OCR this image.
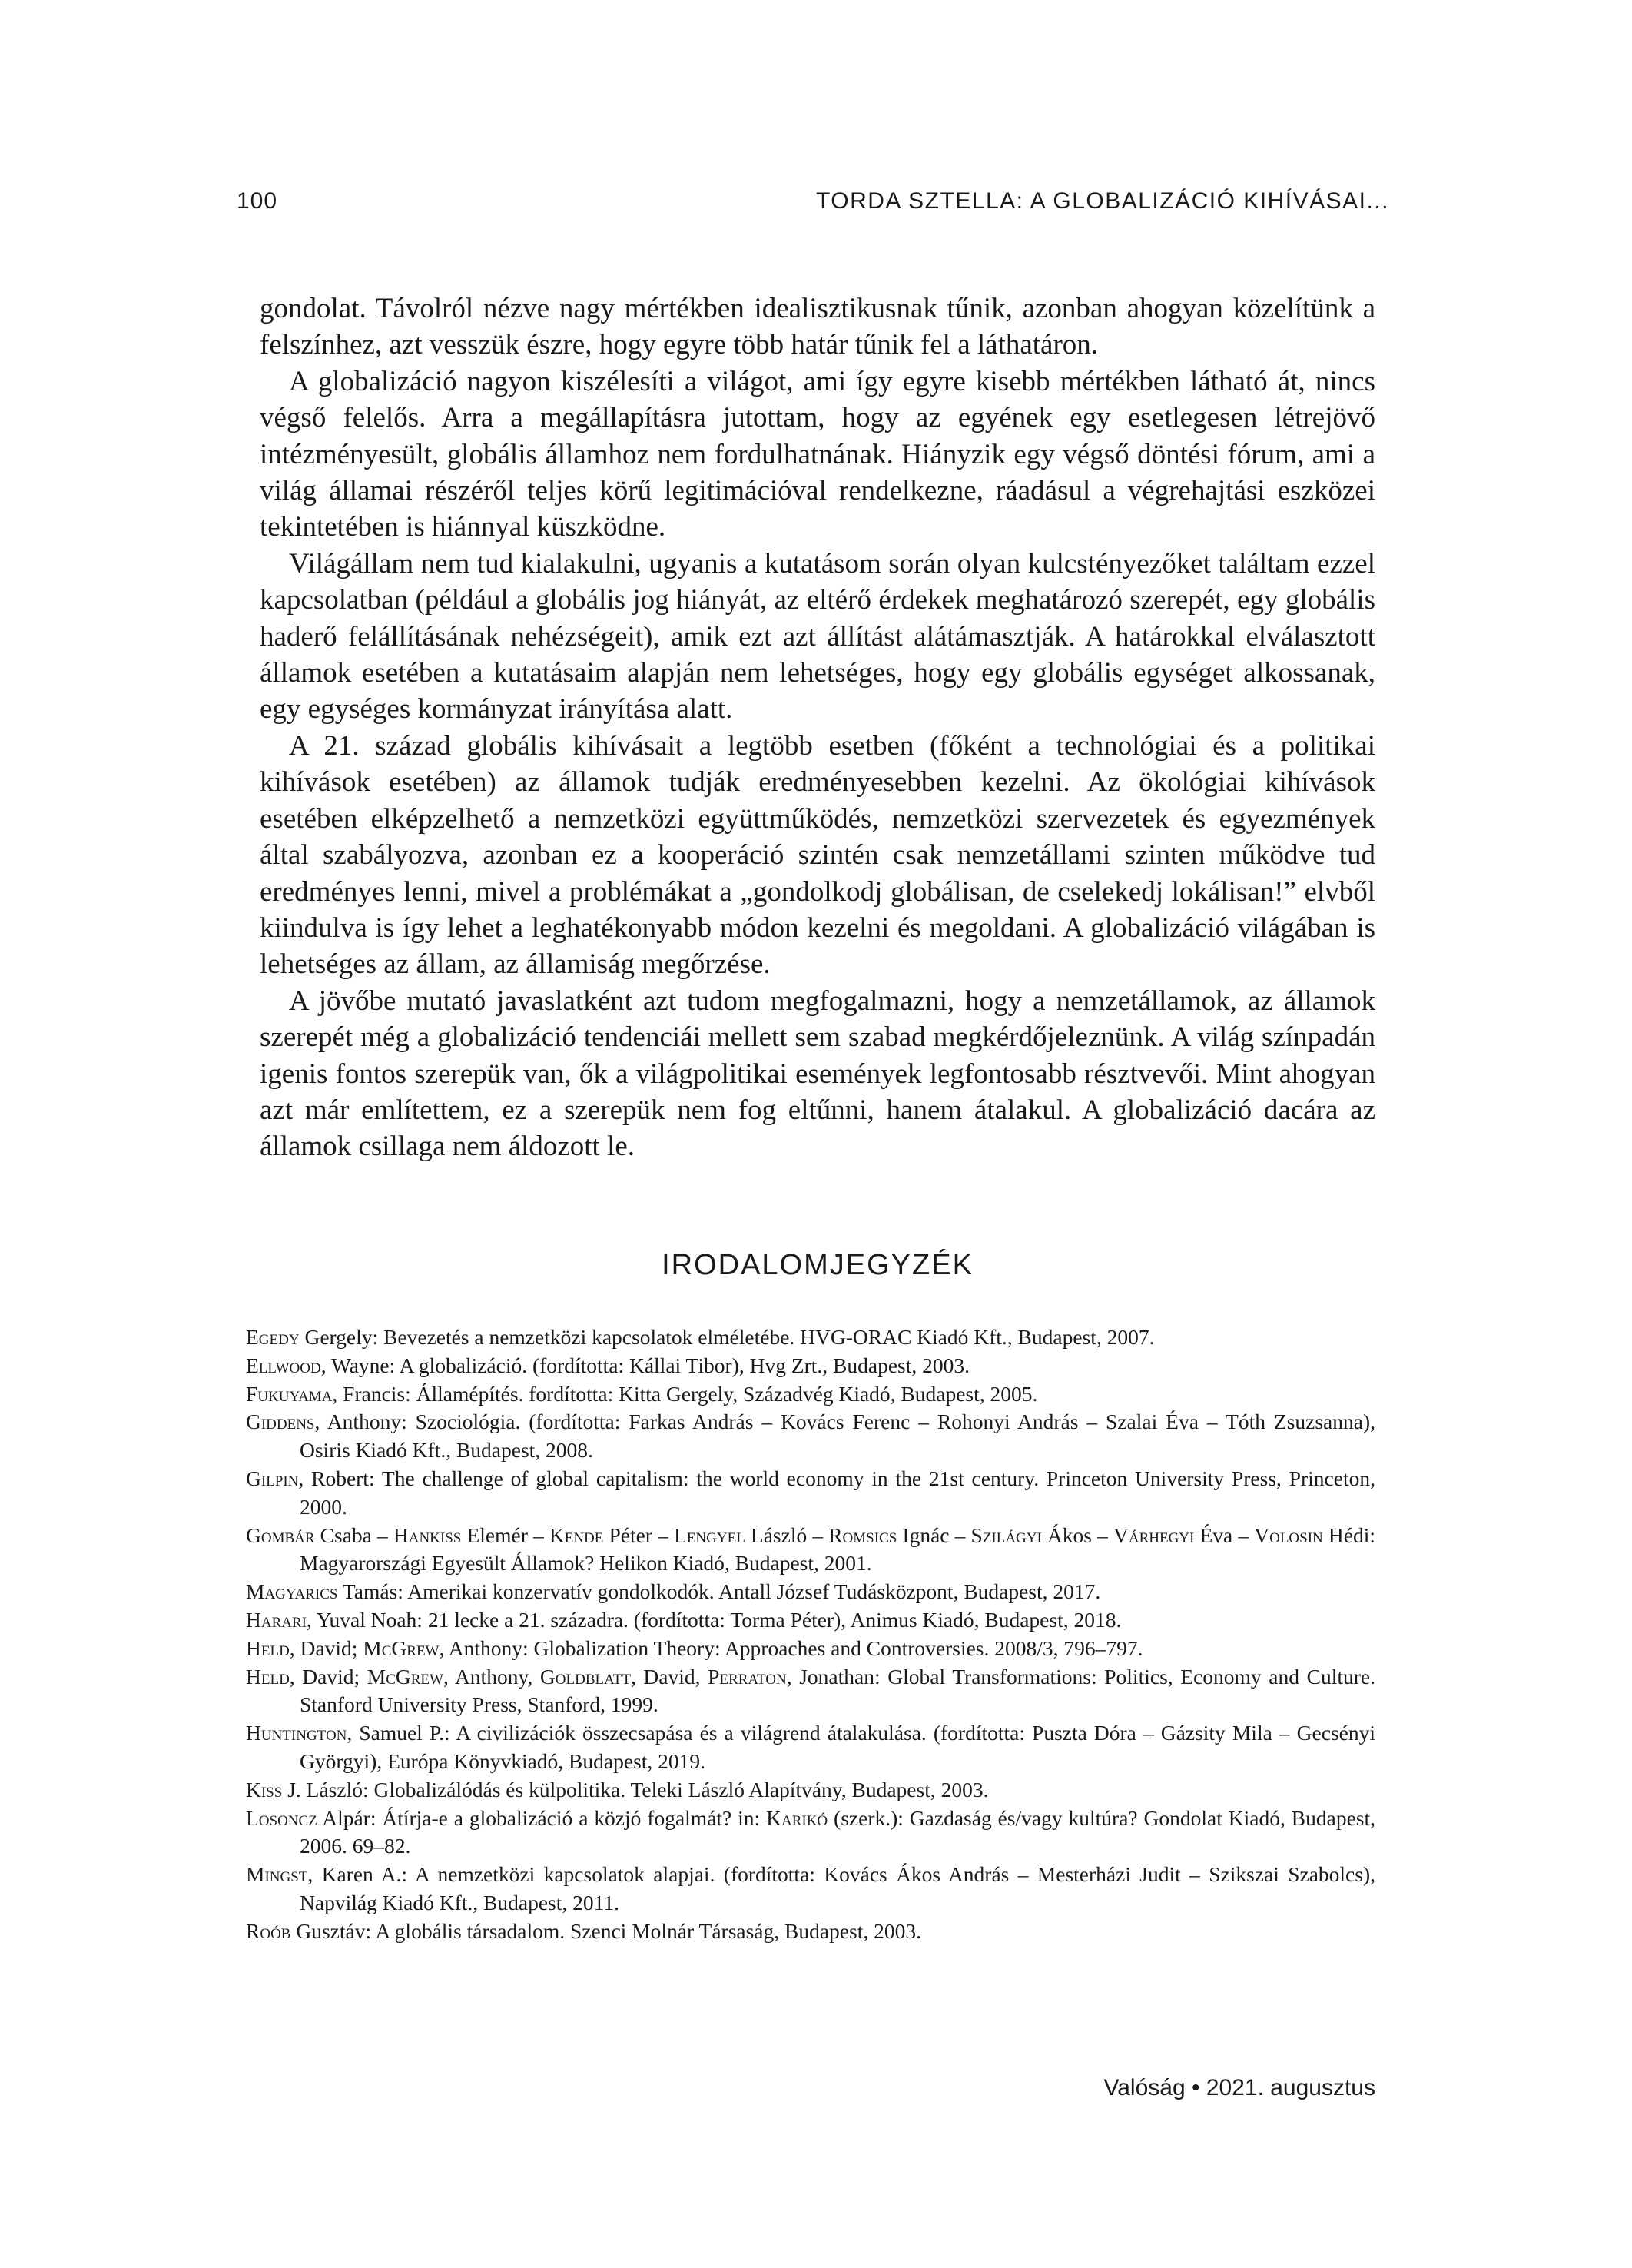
100	TORDA SZTELLA: A GLOBALIZÁCIÓ KIHÍVÁSAI...

gondolat. Távolról nézve nagy mértékben idealisztikusnak tűnik, azonban ahogyan közelítünk a felszínhez, azt vesszük észre, hogy egyre több határ tűnik fel a láthatáron.

A globalizáció nagyon kiszélesíti a világot, ami így egyre kisebb mértékben látható át, nincs végső felelős. Arra a megállapításra jutottam, hogy az egyének egy esetlegesen létrejövő intézményesült, globális államhoz nem fordulhatnának. Hiányzik egy végső döntési fórum, ami a világ államai részéről teljes körű legitimációval rendelkezne, ráadásul a végrehajtási eszközei tekintetében is hiánnyal küszködne.

Világállam nem tud kialakulni, ugyanis a kutatásom során olyan kulcstényezőket találtam ezzel kapcsolatban (például a globális jog hiányát, az eltérő érdekek meghatározó szerepét, egy globális haderő felállításának nehézségeit), amik ezt azt állítást alátámasztják. A határokkal elválasztott államok esetében a kutatásaim alapján nem lehetséges, hogy egy globális egységet alkossanak, egy egységes kormányzat irányítása alatt.

A 21. század globális kihívásait a legtöbb esetben (főként a technológiai és a politikai kihívások esetében) az államok tudják eredményesebben kezelni. Az ökológiai kihívások esetében elképzelhető a nemzetközi együttműködés, nemzetközi szervezetek és egyezmények által szabályozva, azonban ez a kooperáció szintén csak nemzetállami szinten működve tud eredményes lenni, mivel a problémákat a „gondolkodj globálisan, de cselekedj lokálisan!” elvből kiindulva is így lehet a leghatékonyabb módon kezelni és megoldani. A globalizáció világában is lehetséges az állam, az államiság megőrzése.

A jövőbe mutató javaslatként azt tudom megfogalmazni, hogy a nemzetállamok, az államok szerepét még a globalizáció tendenciái mellett sem szabad megkérdőjeleznünk. A világ színpadán igenis fontos szerepük van, ők a világpolitikai események legfontosabb résztvevői. Mint ahogyan azt már említettem, ez a szerepük nem fog eltűnni, hanem átalakul. A globalizáció dacára az államok csillaga nem áldozott le.

IRODALOMJEGYZÉK

Egedy Gergely: Bevezetés a nemzetközi kapcsolatok elméletébe. HVG-ORAC Kiadó Kft., Budapest, 2007.

Ellwood, Wayne: A globalizáció. (fordította: Kállai Tibor), Hvg Zrt., Budapest, 2003.

Fukuyama, Francis: Államépítés. fordította: Kitta Gergely, Századvég Kiadó, Budapest, 2005.

Giddens, Anthony: Szociológia. (fordította: Farkas András – Kovács Ferenc – Rohonyi András – Szalai Éva – Tóth Zsuzsanna), Osiris Kiadó Kft., Budapest, 2008.

Gilpin, Robert: The challenge of global capitalism: the world economy in the 21st century. Princeton University Press, Princeton, 2000.

Gombár Csaba – Hankiss Elemér – Kende Péter – Lengyel László – Romsics Ignác – Szilágyi Ákos – Várhegyi Éva – Volosin Hédi: Magyarországi Egyesült Államok? Helikon Kiadó, Budapest, 2001.

Magyarics Tamás: Amerikai konzervatív gondolkodók. Antall József Tudásközpont, Budapest, 2017.

Harari, Yuval Noah: 21 lecke a 21. századra. (fordította: Torma Péter), Animus Kiadó, Budapest, 2018.

Held, David; McGrew, Anthony: Globalization Theory: Approaches and Controversies. 2008/3, 796–797.

Held, David; McGrew, Anthony, Goldblatt, David, Perraton, Jonathan: Global Transformations: Politics, Economy and Culture. Stanford University Press, Stanford, 1999.

Huntington, Samuel P.: A civilizációk összecsapása és a világrend átalakulása. (fordította: Puszta Dóra – Gázsity Mila – Gecsényi Györgyi), Európa Könyvkiadó, Budapest, 2019.

Kiss J. László: Globalizálódás és külpolitika. Teleki László Alapítvány, Budapest, 2003.

Losoncz Alpár: Átírja-e a globalizáció a közjó fogalmát? in: Karikó (szerk.): Gazdaság és/vagy kultúra? Gondolat Kiadó, Budapest, 2006. 69–82.

Mingst, Karen A.: A nemzetközi kapcsolatok alapjai. (fordította: Kovács Ákos András – Mesterházi Judit – Szikszai Szabolcs), Napvilág Kiadó Kft., Budapest, 2011.

Roób Gusztáv: A globális társadalom. Szenci Molnár Társaság, Budapest, 2003.

Valóság • 2021. augusztus
